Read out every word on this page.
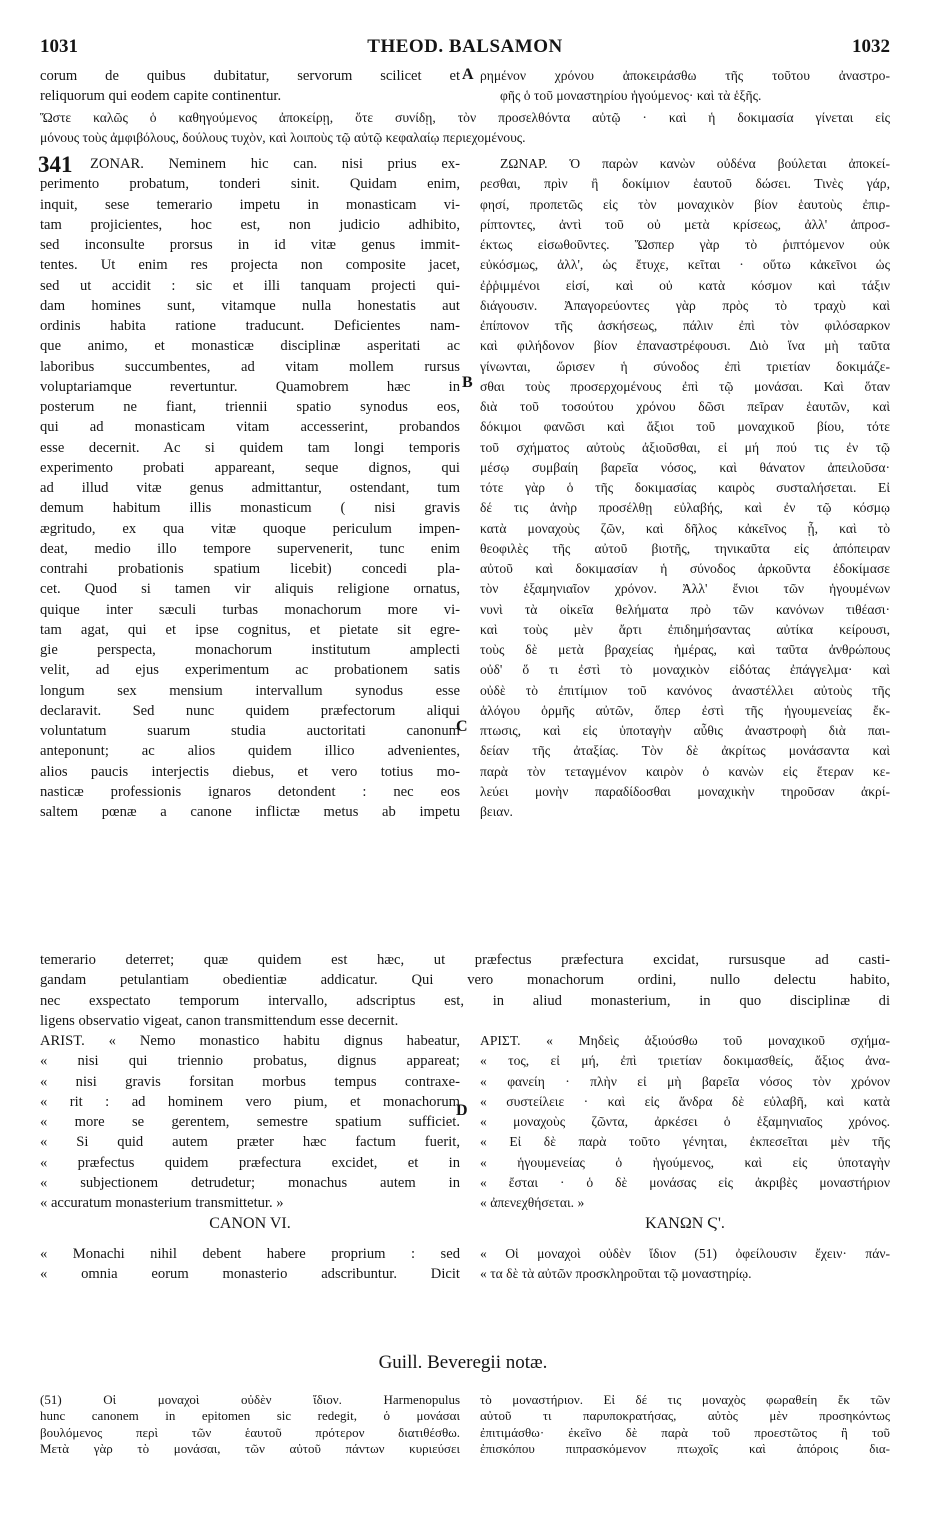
1031	THEOD. BALSAMON	1032
corum de quibus dubitatur, servorum scilicet et
reliquorum qui eodem capite continentur.
A ρημένον χρόνου ἀποκειράσθω τῆς τοῦτου ἀναστρο-
φῆς ὁ τοῦ μοναστηρίου ἡγούμενος· καὶ τὰ ἑξῆς.
Ὥστε καλῶς ὁ καθηγούμενος ἀποκείρῃ, ὅτε συνίδῃ, τὸν προσελθόντα αὐτῷ · καὶ ἡ δοκιμασία γίνεται εἰς
μόνους τοὺς ἀμφιβόλους, δούλους τυχὸν, καὶ λοιποὺς τῷ αὐτῷ κεφαλαίῳ περιεχομένους.
341	ZONAR. Neminem hic can. nisi prius ex-
perimento probatum, tonderi sinit. Quidam enim,
inquit, sese temerario impetu in monasticam vi-
tam projicientes, hoc est, non judicio adhibito,
sed inconsulte prorsus in id vitæ genus immit-
tentes. Ut enim res projecta non composite jacet,
sed ut accidit : sic et illi tanquam projecti qui-
dam homines sunt, vitamque nulla honestatis aut
ordinis habita ratione traducunt. Deficientes nam-
que animo, et monasticæ disciplinæ asperitati ac
laboribus succumbentes, ad vitam mollem rursus
voluptariamque revertuntur. Quamobrem hæc in
posterum ne fiant, triennii spatio synodus eos,
qui ad monasticam vitam accesserint, probandos
esse decernit. Ac si quidem tam longi temporis
experimento probati appareant, seque dignos, qui
ad illud vitæ genus admittantur, ostendant, tum
demum habitum illis monasticum ( nisi gravis
ægritudo, ex qua vitæ quoque periculum impen-
deat, medio illo tempore supervenerit, tunc enim
contrahi probationis spatium licebit) concedi pla-
cet. Quod si tamen vir aliquis religione ornatus,
quique inter sæculi turbas monachorum more vi-
tam agat, qui et ipse cognitus, et pietate sit egre-
gie perspecta, monachorum institutum amplecti
velit, ad ejus experimentum ac probationem satis
longum sex mensium intervallum synodus esse
declaravit. Sed nunc quidem præfectorum aliqui
voluntatum suarum studia auctoritati canonum
anteponunt; ac alios quidem illico advenientes,
alios paucis interjectis diebus, et vero totius mo-
nasticæ professionis ignaros detondent : nec eos
saltem pœnæ a canone inflictæ metus ab impetu
B
C
ΖΩΝΑΡ. Ὁ παρὼν κανὼν οὐδένα βούλεται ἀποκεί-
ρεσθαι, πρὶν ἢ δοκίμιον ἑαυτοῦ δώσει. Τινὲς γάρ,
φησί, προπετῶς εἰς τὸν μοναχικὸν βίον ἑαυτοὺς ἐπιρ-
ρίπτοντες, ἀντὶ τοῦ οὐ μετὰ κρίσεως, ἀλλ' ἀπροσ-
έκτως εἰσωθοῦντες. Ὥσπερ γὰρ τὸ ῥιπτόμενον οὐκ
εὐκόσμως, ἀλλ', ὡς ἔτυχε, κεῖται · οὕτω κἀκεῖνοι ὡς
ἐῤῥιμμένοι εἰσί, καὶ οὐ κατὰ κόσμον καὶ τάξιν
διάγουσιν. Ἀπαγορεύοντες γὰρ πρὸς τὸ τραχὺ καὶ
ἐπίπονον τῆς ἀσκήσεως, πάλιν ἐπὶ τὸν φιλόσαρκον
καὶ φιλήδονον βίον ἐπαναστρέφουσι. Διὸ ἵνα μὴ ταῦτα
γίνωνται, ὥρισεν ἡ σύνοδος ἐπὶ τριετίαν δοκιμάζε-
σθαι τοὺς προσερχομένους ἐπὶ τῷ μονάσαι. Καὶ ὅταν
διὰ τοῦ τοσούτου χρόνου δῶσι πεῖραν ἑαυτῶν, καὶ
δόκιμοι φανῶσι καὶ ἄξιοι τοῦ μοναχικοῦ βίου, τότε
τοῦ σχήματος αὐτοὺς ἀξιοῦσθαι, εἰ μή πού τις ἐν τῷ
μέσῳ συμβαίη βαρεῖα νόσος, καὶ θάνατον ἀπειλοῦσα·
τότε γὰρ ὁ τῆς δοκιμασίας καιρὸς συσταλήσεται. Εἰ
δέ τις ἀνὴρ προσέλθῃ εὐλαβής, καὶ ἐν τῷ κόσμῳ
κατὰ μοναχοὺς ζῶν, καὶ δῆλος κἀκεῖνος ᾖ, καὶ τὸ
θεοφιλὲς τῆς αὐτοῦ βιοτῆς, τηνικαῦτα εἰς ἀπόπειραν
αὐτοῦ καὶ δοκιμασίαν ἡ σύνοδος ἀρκοῦντα ἐδοκίμασε
τὸν ἑξαμηνιαῖον χρόνον. Ἀλλ' ἔνιοι τῶν ἡγουμένων
νυνὶ τὰ οἰκεῖα θελήματα πρὸ τῶν κανόνων τιθέασι·
καὶ τοὺς μὲν ἄρτι ἐπιδημήσαντας αὐτίκα κείρουσι,
τοὺς δὲ μετὰ βραχείας ἡμέρας, καὶ ταῦτα ἀνθρώπους
οὐδ' ὅ τι ἐστὶ τὸ μοναχικὸν εἰδότας ἐπάγγελμα· καὶ
οὐδὲ τὸ ἐπιτίμιον τοῦ κανόνος ἀναστέλλει αὐτοὺς τῆς
ἀλόγου ὁρμῆς αὐτῶν, ὅπερ ἐστὶ τῆς ἡγουμενείας ἔκ-
πτωσις, καὶ εἰς ὑποταγὴν αὖθις ἀναστροφὴ διὰ παι-
δείαν τῆς ἀταξίας. Τὸν δὲ ἀκρίτως μονάσαντα καὶ
παρὰ τὸν τεταγμένον καιρὸν ὁ κανὼν εἰς ἕτεραν κε-
λεύει μονὴν παραδίδοσθαι μοναχικὴν τηροῦσαν ἀκρί-
βειαν.
temerario deterret; quæ quidem est hæc, ut præfectus præfectura excidat, rursusque ad casti-
gandam petulantiam obedientiæ addicatur. Qui vero monachorum ordini, nullo delectu habito,
nec exspectato temporum intervallo, adscriptus est, in aliud monasterium, in quo disciplinæ di
ligens observatio vigeat, canon transmittendum esse decernit.
ARIST. « Nemo monastico habitu dignus habeatur,
« nisi qui triennio probatus, dignus appareat;
« nisi gravis forsitan morbus tempus contraxe-
« rit : ad hominem vero pium, et monachorum
« more se gerentem, semestre spatium sufficiet.
« Si quid autem præter hæc factum fuerit,
« præfectus quidem præfectura excidet, et in
« subjectionem detrudetur; monachus autem in
« accuratum monasterium transmittetur. »
D
ΑΡΙΣΤ. « Μηδεὶς ἀξιούσθω τοῦ μοναχικοῦ σχήμα-
« τος, εἰ μή, ἐπὶ τριετίαν δοκιμασθείς, ἄξιος ἀνα-
« φανείη · πλὴν εἰ μὴ βαρεῖα νόσος τὸν χρόνον
« συστείλειε · καὶ εἰς ἄνδρα δὲ εὐλαβῆ, καὶ κατὰ
« μοναχοὺς ζῶντα, ἀρκέσει ὁ ἑξαμηνιαῖος χρόνος.
« Εἰ δὲ παρὰ τοῦτο γένηται, ἐκπεσεῖται μὲν τῆς
« ἡγουμενείας ὁ ἡγούμενος, καὶ εἰς ὑποταγὴν
« ἔσται · ὁ δὲ μονάσας εἰς ἀκριβὲς μοναστήριον
« ἀπενεχθήσεται. »
CANON VI.	ΚΑΝΩΝ Ϛ'.
« Monachi nihil debent habere proprium : sed
« omnia eorum monasterio adscribuntur. Dicit
« Οἱ μοναχοὶ οὐδὲν ἴδιον (51) ὀφείλουσιν ἔχειν· πάν-
« τα δὲ τὰ αὐτῶν προσκληροῦται τῷ μοναστηρίῳ.
Guill. Beveregii notæ.
(51) Οἱ μοναχοὶ οὐδὲν ἴδιον. Harmenopulus
hunc canonem in epitomen sic redegit, ὁ μονάσαι
βουλόμενος περὶ τῶν ἑαυτοῦ πρότερον διατιθέσθω.
Μετὰ γὰρ τὸ μονάσαι, τῶν αὐτοῦ πάντων κυριεύσει
τὸ μοναστήριον. Εἰ δέ τις μοναχὸς φωραθείη ἔκ τῶν
αὐτοῦ τι παρυποκρατήσας, αὐτὸς μὲν προσηκόντως
ἐπιτιμάσθω· ἐκεῖνο δὲ παρὰ τοῦ προεστῶτος ἢ τοῦ
ἐπισκόπου πιπρασκόμενον πτωχοῖς καὶ ἀπόροις δια-
